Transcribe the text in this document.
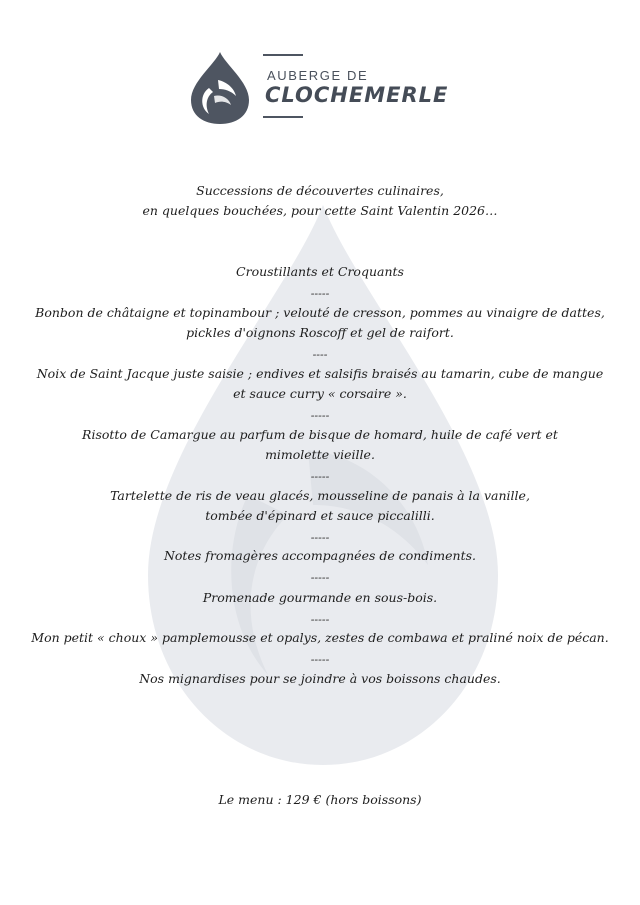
AUBERGE DE
CLOCHEMERLE
Successions de découvertes culinaires,
en quelques bouchées, pour cette Saint Valentin 2026…
Croustillants et Croquants
-----
Bonbon de châtaigne et topinambour ; velouté de cresson, pommes au vinaigre de dattes,
pickles d'oignons Roscoff et gel de raifort.
----
Noix de Saint Jacque juste saisie ; endives et salsifis braisés au tamarin, cube de mangue
et sauce curry « corsaire ».
-----
Risotto de Camargue au parfum de bisque de homard, huile de café vert et
mimolette vieille.
-----
Tartelette de ris de veau glacés, mousseline de panais à la vanille,
tombée d'épinard et sauce piccalilli.
-----
Notes fromagères accompagnées de condiments.
-----
Promenade gourmande en sous-bois.
-----
Mon petit « choux » pamplemousse et opalys, zestes de combawa et praliné noix de pécan.
-----
Nos mignardises pour se joindre à vos boissons chaudes.
Le menu : 129 € (hors boissons)
